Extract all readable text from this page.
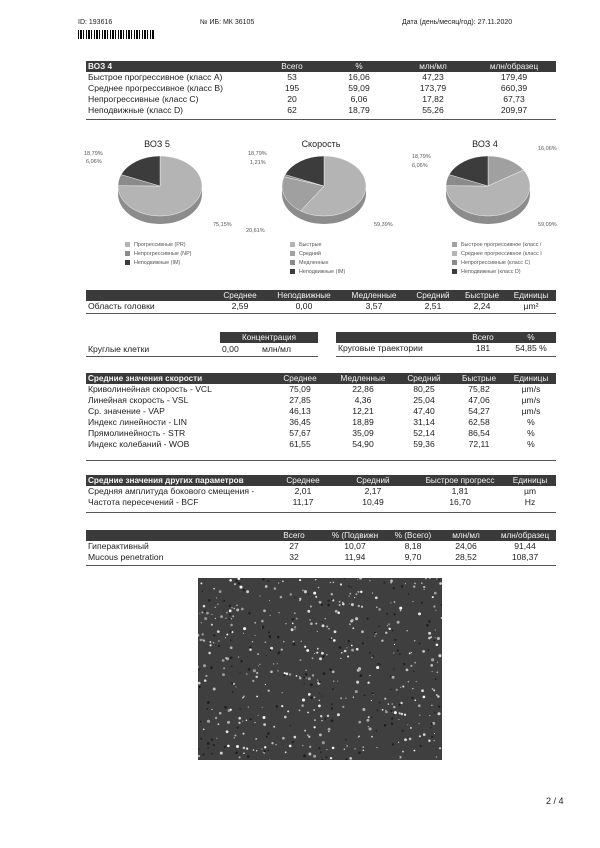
ID: 193616	№ ИБ: МК 36105	Дата (день/месяц/год): 27.11.2020
ВОЗ 4	Всего	%	млн/мл	млн/образец
Быстрое прогрессивное (класс A)	53	16,06	47,23	179,49
Среднее прогрессивное (класс B)	195	59,09	173,79	660,39
Непрогрессивные (класс C)	20	6,06	17,82	67,73
Неподвижные (класс D)	62	18,79	55,26	209,97
ВОЗ 5	Скорость	ВОЗ 4
18,79%
6,06%
75,15%
18,79%
1,21%
20,61%
59,39%
18,79%
6,06%
16,06%
59,09%
Прогрессивные (PR)
Непрогрессивные (NP)
Неподвижные (IM)
Быстрые
Средний
Медленные
Неподвижные (IM)
Быстрое прогрессивное (класс /
Среднее прогрессивное (класс I
Непрогрессивные (класс C)
Неподвижные (класс D)
	Среднее	Неподвижные	Медленные	Средний	Быстрые	Единицы
Область головки	2,59	0,00	3,57	2,51	2,24	µm²
	Концентрация
Круглые клетки	0,00	млн/мл
	Всего	%
Круговые траектории	181	54,85 %
Средние значения скорости	Среднее	Медленные	Средний	Быстрые	Единицы
Криволинейная скорость - VCL	75,09	22,86	80,25	75,82	µm/s
Линейная скорость - VSL	27,85	4,36	25,04	47,06	µm/s
Ср. значение - VAP	46,13	12,21	47,40	54,27	µm/s
Индекс линейности - LIN	36,45	18,89	31,14	62,58	%
Прямолинейность - STR	57,67	35,09	52,14	86,54	%
Индекс колебаний - WOB	61,55	54,90	59,36	72,11	%
Средние значения других параметров	Среднее	Средний	Быстрое прогресс	Единицы
Средняя амплитуда бокового смещения -	2,01	2,17	1,81	µm
Частота пересечений - BCF	11,17	10,49	16,70	Hz
	Всего	% (Подвижн	% (Всего)	млн/мл	млн/образец
Гиперактивный	27	10,07	8,18	24,06	91,44
Mucous penetration	32	11,94	9,70	28,52	108,37
2 / 4
